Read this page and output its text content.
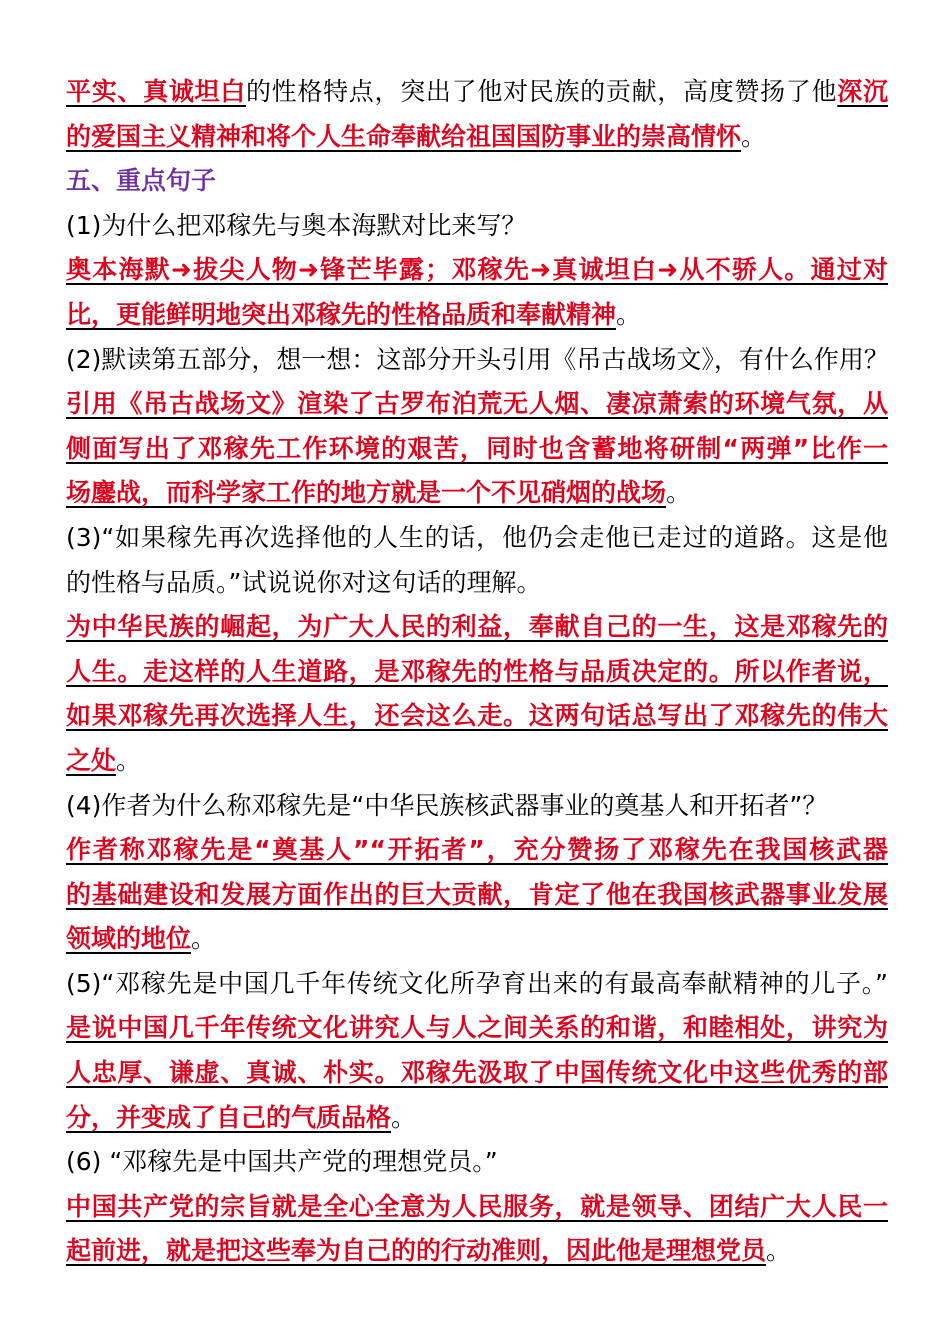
平实、真诚坦白的性格特点，突出了他对民族的贡献，高度赞扬了他深沉
的爱国主义精神和将个人生命奉献给祖国国防事业的崇高情怀。
五、重点句子
(1)为什么把邓稼先与奥本海默对比来写？
奥本海默➜拔尖人物➜锋芒毕露；邓稼先➜真诚坦白➜从不骄人。通过对
比，更能鲜明地突出邓稼先的性格品质和奉献精神。
(2)默读第五部分，想一想：这部分开头引用《吊古战场文》，有什么作用？
引用《吊古战场文》渲染了古罗布泊荒无人烟、凄凉萧索的环境气氛，从
侧面写出了邓稼先工作环境的艰苦，同时也含蓄地将研制“两弹”比作一
场鏖战，而科学家工作的地方就是一个不见硝烟的战场。
(3)“如果稼先再次选择他的人生的话，他仍会走他已走过的道路。这是他
的性格与品质。”试说说你对这句话的理解。
为中华民族的崛起，为广大人民的利益，奉献自己的一生，这是邓稼先的
人生。走这样的人生道路，是邓稼先的性格与品质决定的。所以作者说，
如果邓稼先再次选择人生，还会这么走。这两句话总写出了邓稼先的伟大
之处。
(4)作者为什么称邓稼先是“中华民族核武器事业的奠基人和开拓者”？
作者称邓稼先是“奠基人”“开拓者”，充分赞扬了邓稼先在我国核武器
的基础建设和发展方面作出的巨大贡献，肯定了他在我国核武器事业发展
领域的地位。
(5)“邓稼先是中国几千年传统文化所孕育出来的有最高奉献精神的儿子。”
是说中国几千年传统文化讲究人与人之间关系的和谐，和睦相处，讲究为
人忠厚、谦虚、真诚、朴实。邓稼先汲取了中国传统文化中这些优秀的部
分，并变成了自己的气质品格。
(6) “邓稼先是中国共产党的理想党员。”
中国共产党的宗旨就是全心全意为人民服务，就是领导、团结广大人民一
起前进，就是把这些奉为自己的的行动准则，因此他是理想党员。
